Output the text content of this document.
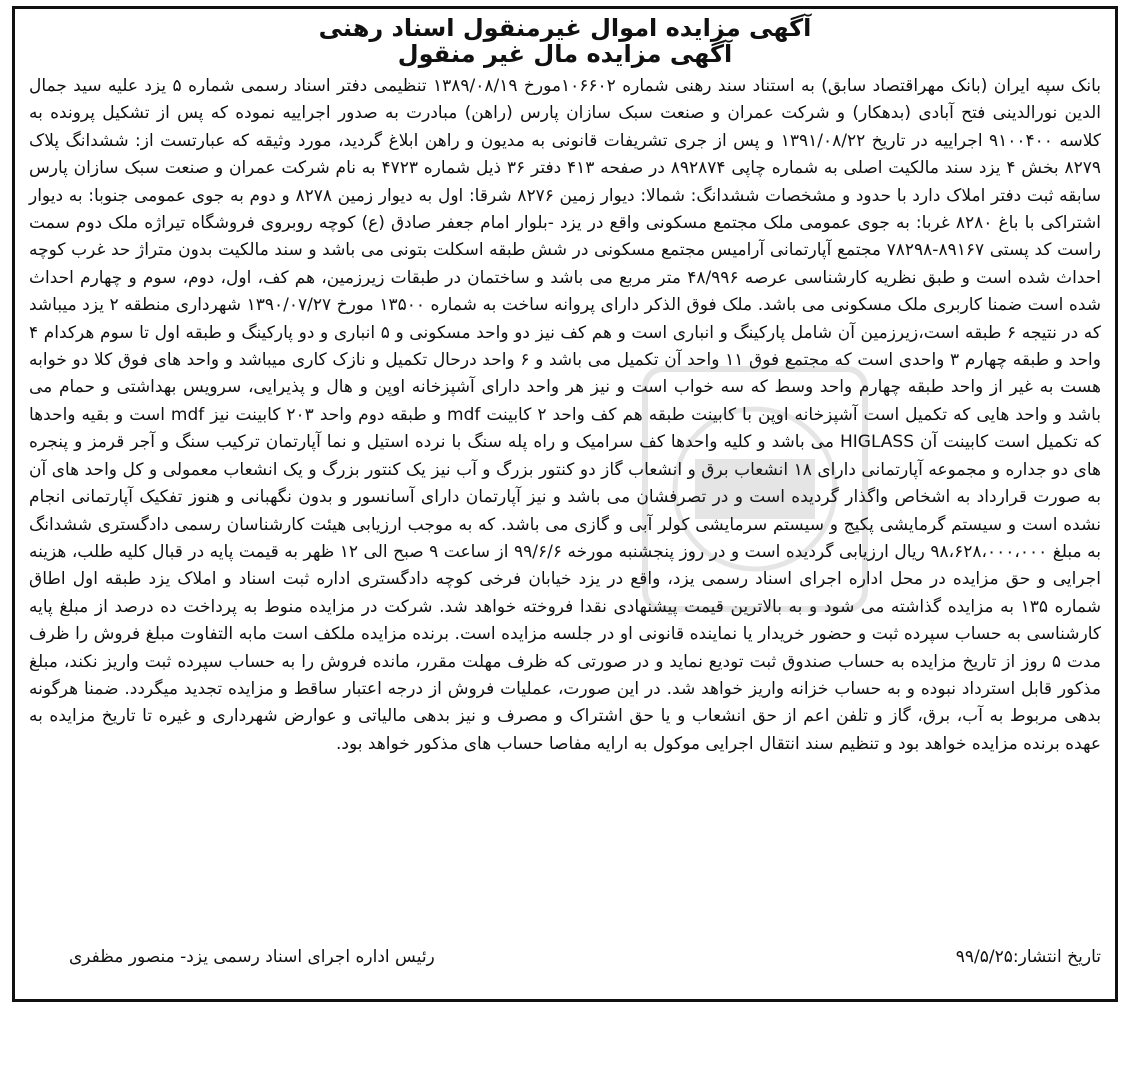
آگهی مزایده اموال غیرمنقول اسناد رهنی
آگهی مزایده مال غیر منقول

بانک سپه ایران (بانک مهراقتصاد سابق) به استناد سند رهنی شماره ۱۰۶۶۰۲مورخ ۱۳۸۹/۰۸/۱۹ تنظیمی دفتر اسناد رسمی شماره ۵ یزد علیه سید جمال الدین نورالدینی فتح آبادی (بدهکار) و شرکت عمران و صنعت سبک سازان پارس (راهن) مبادرت به صدور اجراییه نموده که پس از تشکیل پرونده به کلاسه ۹۱۰۰۴۰۰ اجراییه در تاریخ ۱۳۹۱/۰۸/۲۲ و پس از جری تشریفات قانونی به مدیون و راهن ابلاغ گردید، مورد وثیقه که عبارتست از: ششدانگ پلاک ۸۲۷۹ بخش ۴ یزد سند مالکیت اصلی به شماره چاپی ۸۹۲۸۷۴ در صفحه ۴۱۳ دفتر ۳۶ ذیل شماره ۴۷۲۳ به نام شرکت عمران و صنعت سبک سازان پارس سابقه ثبت دفتر املاک دارد با حدود و مشخصات ششدانگ: شمالا: دیوار زمین ۸۲۷۶ شرقا: اول به دیوار زمین ۸۲۷۸ و دوم به جوی عمومی جنوبا: به دیوار اشتراکی با باغ ۸۲۸۰ غربا: به جوی عمومی ملک مجتمع مسکونی واقع در یزد -بلوار امام جعفر صادق (ع) کوچه روبروی فروشگاه تیراژه ملک دوم سمت راست کد پستی ۸۹۱۶۷-۷۸۲۹۸ مجتمع آپارتمانی آرامیس مجتمع مسکونی در شش طبقه اسکلت بتونی می باشد و سند مالکیت بدون متراژ حد غرب کوچه احداث شده است و طبق نظریه کارشناسی عرصه ۴۸/۹۹۶ متر مربع می باشد و ساختمان در طبقات زیرزمین، هم کف، اول، دوم، سوم و چهارم احداث شده است ضمنا کاربری ملک مسکونی می باشد. ملک فوق الذکر دارای پروانه ساخت به شماره ۱۳۵۰۰ مورخ ۱۳۹۰/۰۷/۲۷ شهرداری منطقه ۲ یزد میباشد که در نتیجه ۶ طبقه است،زیرزمین آن شامل پارکینگ و انباری است و هم کف نیز دو واحد مسکونی و ۵ انباری و دو پارکینگ و طبقه اول تا سوم هرکدام ۴ واحد و طبقه چهارم ۳ واحدی است که مجتمع فوق ۱۱ واحد آن تکمیل می باشد و ۶ واحد درحال تکمیل و نازک کاری میباشد و واحد های فوق کلا دو خوابه هست به غیر از واحد طبقه چهارم واحد وسط که سه خواب است و نیز هر واحد دارای آشپزخانه اوپن و هال و پذیرایی، سرویس بهداشتی و حمام می باشد و واحد هایی که تکمیل است آشپزخانه اوپن با کابینت طبقه هم کف واحد ۲ کابینت mdf و طبقه دوم واحد ۲۰۳ کابینت نیز mdf است و بقیه واحدها که تکمیل است کابینت آن HIGLASS می باشد و کلیه واحدها کف سرامیک و راه پله سنگ با نرده استیل و نما آپارتمان ترکیب سنگ و آجر قرمز و پنجره های دو جداره و مجموعه آپارتمانی دارای ۱۸ انشعاب برق و انشعاب گاز دو کنتور بزرگ و آب نیز یک کنتور بزرگ و یک انشعاب معمولی و کل واحد های آن به صورت قرارداد به اشخاص واگذار گردیده است و در تصرفشان می باشد و نیز آپارتمان دارای آسانسور و بدون نگهبانی و هنوز تفکیک آپارتمانی انجام نشده است و سیستم گرمایشی پکیج و سیستم سرمایشی کولر آبی و گازی می باشد. که به موجب ارزیابی هیئت کارشناسان رسمی دادگستری ششدانگ به مبلغ ۹۸،۶۲۸،۰۰۰،۰۰۰ ریال ارزیابی گردیده است و در روز پنجشنبه مورخه ۹۹/۶/۶ از ساعت ۹ صبح الی ۱۲ ظهر به قیمت پایه در قبال کلیه طلب، هزینه اجرایی و حق مزایده در محل اداره اجرای اسناد رسمی یزد، واقع در یزد خیابان فرخی کوچه دادگستری اداره ثبت اسناد و املاک یزد طبقه اول اطاق شماره ۱۳۵ به مزایده گذاشته می شود و به بالاترین قیمت پیشنهادی نقدا فروخته خواهد شد. شرکت در مزایده منوط به پرداخت ده درصد از مبلغ پایه کارشناسی به حساب سپرده ثبت و حضور خریدار یا نماینده قانونی او در جلسه مزایده است. برنده مزایده ملکف است مابه التفاوت مبلغ فروش را ظرف مدت ۵ روز از تاریخ مزایده به حساب صندوق ثبت تودیع نماید و در صورتی که ظرف مهلت مقرر، مانده فروش را به حساب سپرده ثبت واریز نکند، مبلغ مذکور قابل استرداد نبوده و به حساب خزانه واریز خواهد شد. در این صورت، عملیات فروش از درجه اعتبار ساقط و مزایده تجدید میگردد. ضمنا هرگونه بدهی مربوط به آب، برق، گاز و تلفن اعم از حق انشعاب و یا حق اشتراک و مصرف و نیز بدهی مالیاتی و عوارض شهرداری و غیره تا تاریخ مزایده به عهده برنده مزایده خواهد بود و تنظیم سند انتقال اجرایی موکول به ارایه مفاصا حساب های مذکور خواهد بود.

تاریخ انتشار:۹۹/۵/۲۵
رئیس اداره اجرای اسناد رسمی یزد- منصور مظفری
